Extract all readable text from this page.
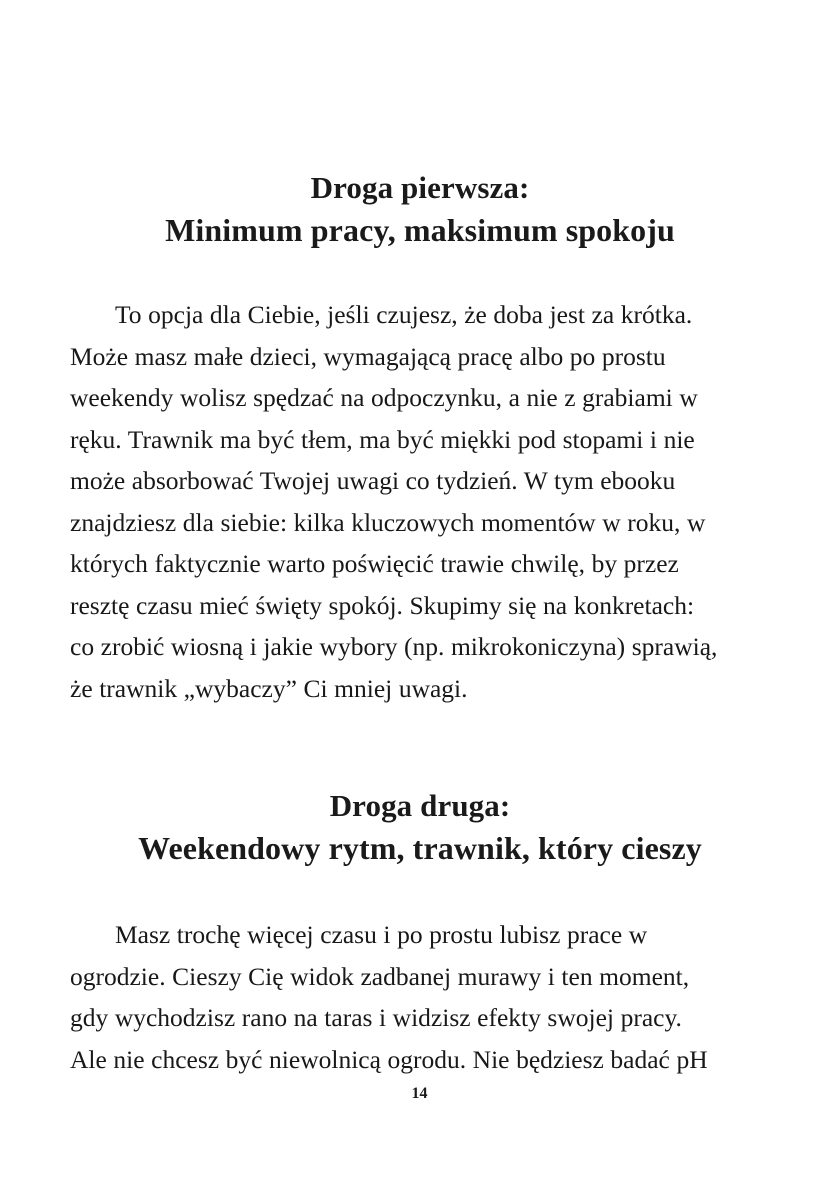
Droga pierwsza:
Minimum pracy, maksimum spokoju

To opcja dla Ciebie, jeśli czujesz, że doba jest za krótka.
Może masz małe dzieci, wymagającą pracę albo po prostu
weekendy wolisz spędzać na odpoczynku, a nie z grabiami w
ręku. Trawnik ma być tłem, ma być miękki pod stopami i nie
może absorbować Twojej uwagi co tydzień. W tym ebooku
znajdziesz dla siebie: kilka kluczowych momentów w roku, w
których faktycznie warto poświęcić trawie chwilę, by przez
resztę czasu mieć święty spokój. Skupimy się na konkretach:
co zrobić wiosną i jakie wybory (np. mikrokoniczyna) sprawią,
że trawnik „wybaczy” Ci mniej uwagi.

Droga druga:
Weekendowy rytm, trawnik, który cieszy

Masz trochę więcej czasu i po prostu lubisz prace w
ogrodzie. Cieszy Cię widok zadbanej murawy i ten moment,
gdy wychodzisz rano na taras i widzisz efekty swojej pracy.
Ale nie chcesz być niewolnicą ogrodu. Nie będziesz badać pH

14
